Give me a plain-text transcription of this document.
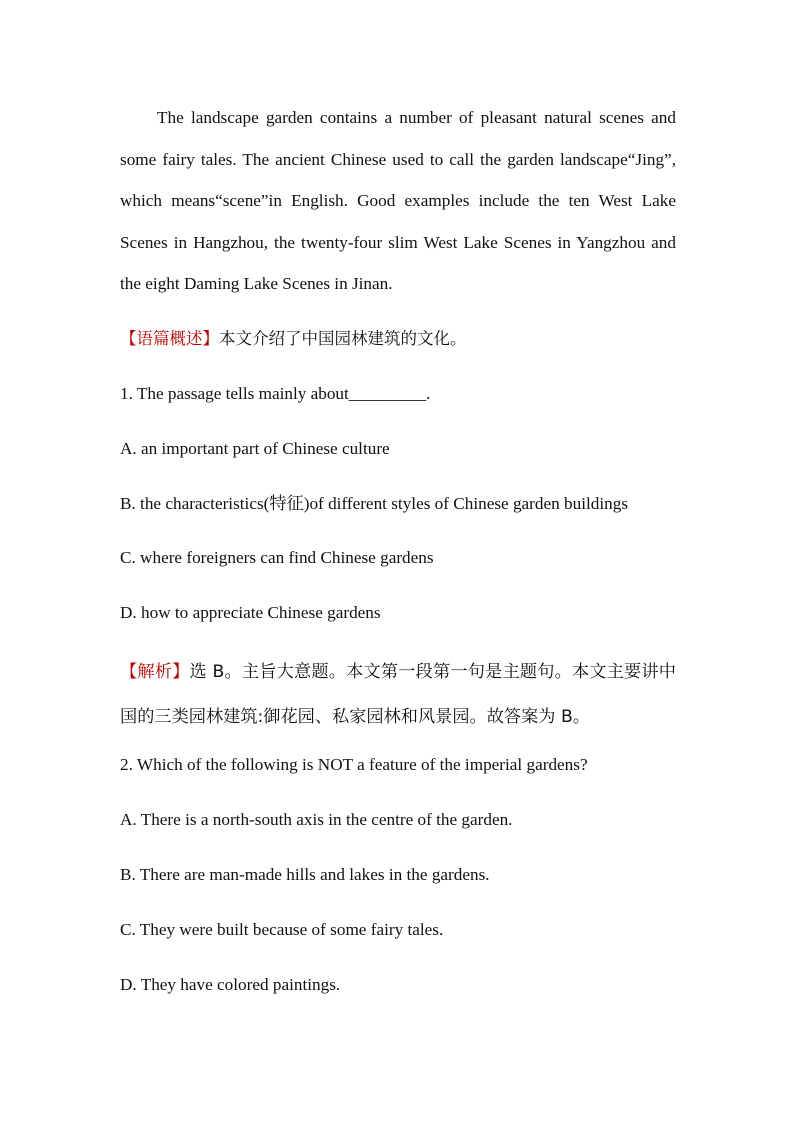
The landscape garden contains a number of pleasant natural scenes and some fairy tales. The ancient Chinese used to call the garden landscape“Jing”, which means“scene”in English. Good examples include the ten West Lake Scenes in Hangzhou, the twenty-four slim West Lake Scenes in Yangzhou and the eight Daming Lake Scenes in Jinan.

【语篇概述】本文介绍了中国园林建筑的文化。

1. The passage tells mainly about_________.

A. an important part of Chinese culture

B. the characteristics(特征)of different styles of Chinese garden buildings

C. where foreigners can find Chinese gardens

D. how to appreciate Chinese gardens

【解析】选 B。主旨大意题。本文第一段第一句是主题句。本文主要讲中国的三类园林建筑:御花园、私家园林和风景园。故答案为 B。

2. Which of the following is NOT a feature of the imperial gardens?

A. There is a north-south axis in the centre of the garden.

B. There are man-made hills and lakes in the gardens.

C. They were built because of some fairy tales.

D. They have colored paintings.
